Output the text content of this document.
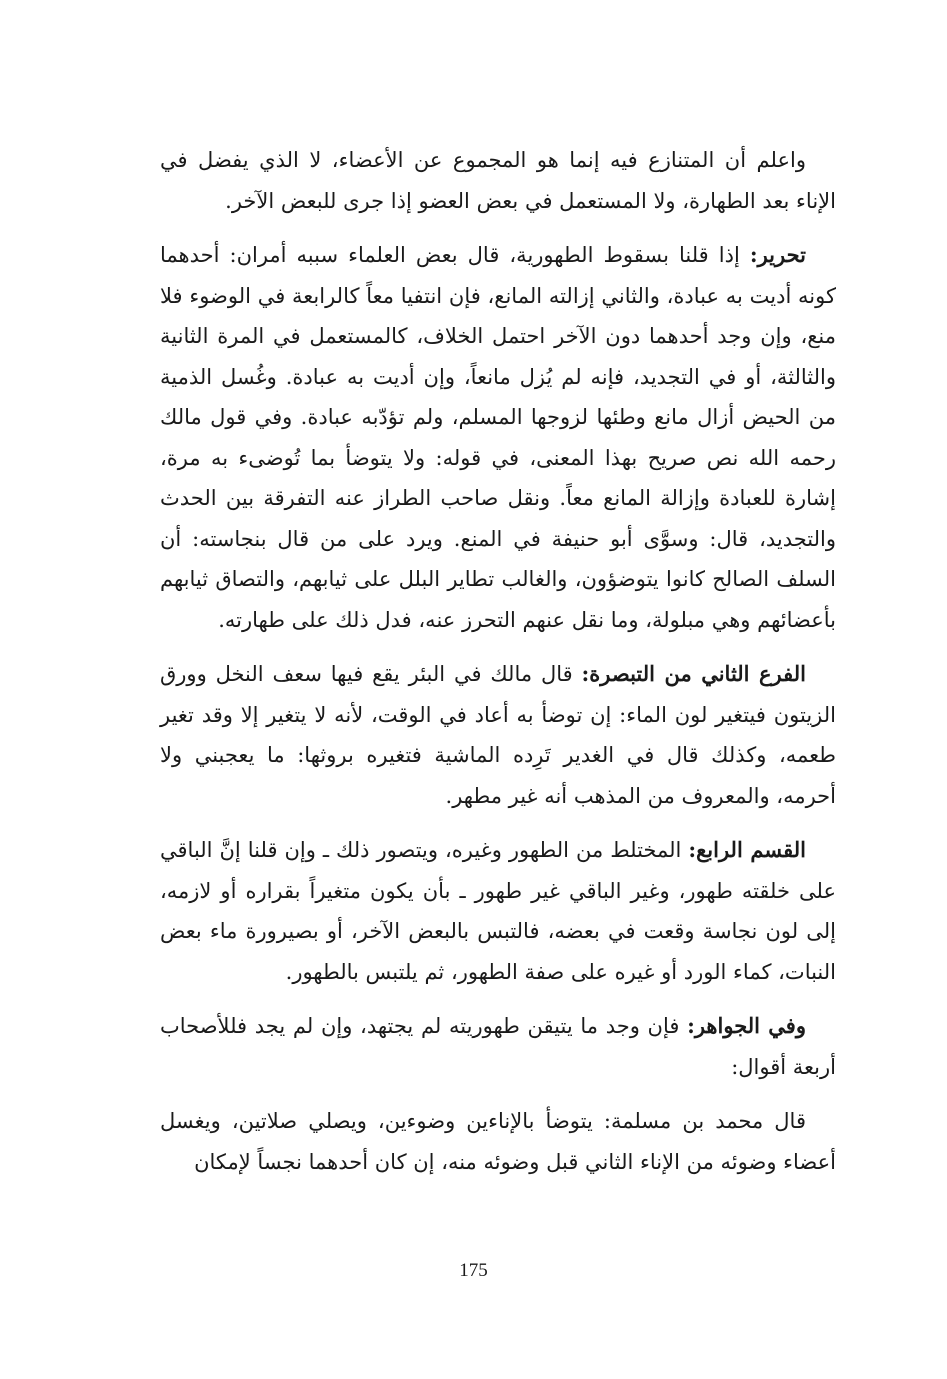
واعلم أن المتنازع فيه إنما هو المجموع عن الأعضاء، لا الذي يفضل في الإناء بعد الطهارة، ولا المستعمل في بعض العضو إذا جرى للبعض الآخر.

تحرير: إذا قلنا بسقوط الطهورية، قال بعض العلماء سببه أمران: أحدهما كونه أديت به عبادة، والثاني إزالته المانع، فإن انتفيا معاً كالرابعة في الوضوء فلا منع، وإن وجد أحدهما دون الآخر احتمل الخلاف، كالمستعمل في المرة الثانية والثالثة، أو في التجديد، فإنه لم يُزل مانعاً، وإن أديت به عبادة. وغُسل الذمية من الحيض أزال مانع وطئها لزوجها المسلم، ولم تؤدّبه عبادة. وفي قول مالك رحمه الله نص صريح بهذا المعنى، في قوله: ولا يتوضأ بما تُوضىء به مرة، إشارة للعبادة وإزالة المانع معاً. ونقل صاحب الطراز عنه التفرقة بين الحدث والتجديد، قال: وسوَّى أبو حنيفة في المنع. ويرد على من قال بنجاسته: أن السلف الصالح كانوا يتوضؤون، والغالب تطاير البلل على ثيابهم، والتصاق ثيابهم بأعضائهم وهي مبلولة، وما نقل عنهم التحرز عنه، فدل ذلك على طهارته.

الفرع الثاني من التبصرة: قال مالك في البئر يقع فيها سعف النخل وورق الزيتون فيتغير لون الماء: إن توضأ به أعاد في الوقت، لأنه لا يتغير إلا وقد تغير طعمه، وكذلك قال في الغدير تَرِده الماشية فتغيره بروثها: ما يعجبني ولا أحرمه، والمعروف من المذهب أنه غير مطهر.

القسم الرابع: المختلط من الطهور وغيره، ويتصور ذلك ـ وإن قلنا إنَّ الباقي على خلقته طهور، وغير الباقي غير طهور ـ بأن يكون متغيراً بقراره أو لازمه، إلى لون نجاسة وقعت في بعضه، فالتبس بالبعض الآخر، أو بصيرورة ماء بعض النبات، كماء الورد أو غيره على صفة الطهور، ثم يلتبس بالطهور.

وفي الجواهر: فإن وجد ما يتيقن طهوريته لم يجتهد، وإن لم يجد فللأصحاب أربعة أقوال:

قال محمد بن مسلمة: يتوضأ بالإناءين وضوءين، ويصلي صلاتين، ويغسل أعضاء وضوئه من الإناء الثاني قبل وضوئه منه، إن كان أحدهما نجساً لإمكان

175
